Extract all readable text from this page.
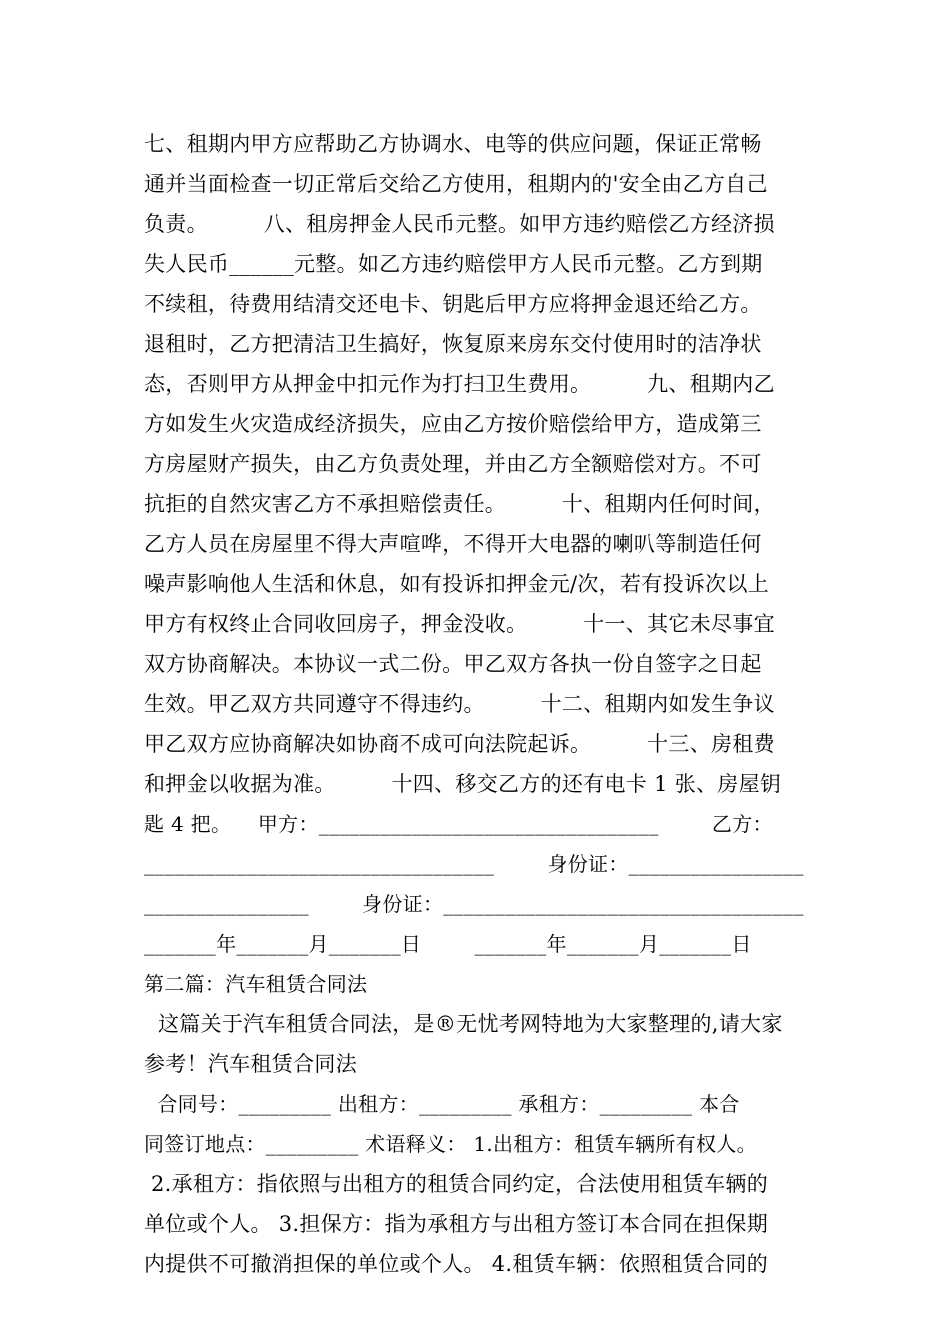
七、租期内甲方应帮助乙方协调水、电等的供应问题，保证正常畅
通并当面检查一切正常后交给乙方使用，租期内的'安全由乙方自己
负责。        八、租房押金人民币元整。如甲方违约赔偿乙方经济损
失人民币______元整。如乙方违约赔偿甲方人民币元整。乙方到期
不续租，待费用结清交还电卡、钥匙后甲方应将押金退还给乙方。
退租时，乙方把清洁卫生搞好，恢复原来房东交付使用时的洁净状
态，否则甲方从押金中扣元作为打扫卫生费用。        九、租期内乙
方如发生火灾造成经济损失，应由乙方按价赔偿给甲方，造成第三
方房屋财产损失，由乙方负责处理，并由乙方全额赔偿对方。不可
抗拒的自然灾害乙方不承担赔偿责任。        十、租期内任何时间，
乙方人员在房屋里不得大声喧哗，不得开大电器的喇叭等制造任何
噪声影响他人生活和休息，如有投诉扣押金元/次，若有投诉次以上
甲方有权终止合同收回房子，押金没收。        十一、其它未尽事宜
双方协商解决。本协议一式二份。甲乙双方各执一份自签字之日起
生效。甲乙双方共同遵守不得违约。        十二、租期内如发生争议
甲乙双方应协商解决如协商不成可向法院起诉。        十三、房租费
和押金以收据为准。        十四、移交乙方的还有电卡 1 张、房屋钥
匙 4 把。    甲方：_________________________________        乙方：
__________________________________        身份证：_________________
________________        身份证：___________________________________
_______年_______月_______日        _______年_______月_______日
第二篇：汽车租赁合同法
这篇关于汽车租赁合同法，是®无忧考网特地为大家整理的,请大家
参考！汽车租赁合同法
合同号：_________ 出租方：_________ 承租方：_________ 本合
同签订地点：_________ 术语释义： 1.出租方：租赁车辆所有权人。
2.承租方：指依照与出租方的租赁合同约定，合法使用租赁车辆的
单位或个人。 3.担保方：指为承租方与出租方签订本合同在担保期
内提供不可撤消担保的单位或个人。 4.租赁车辆：依照租赁合同的
